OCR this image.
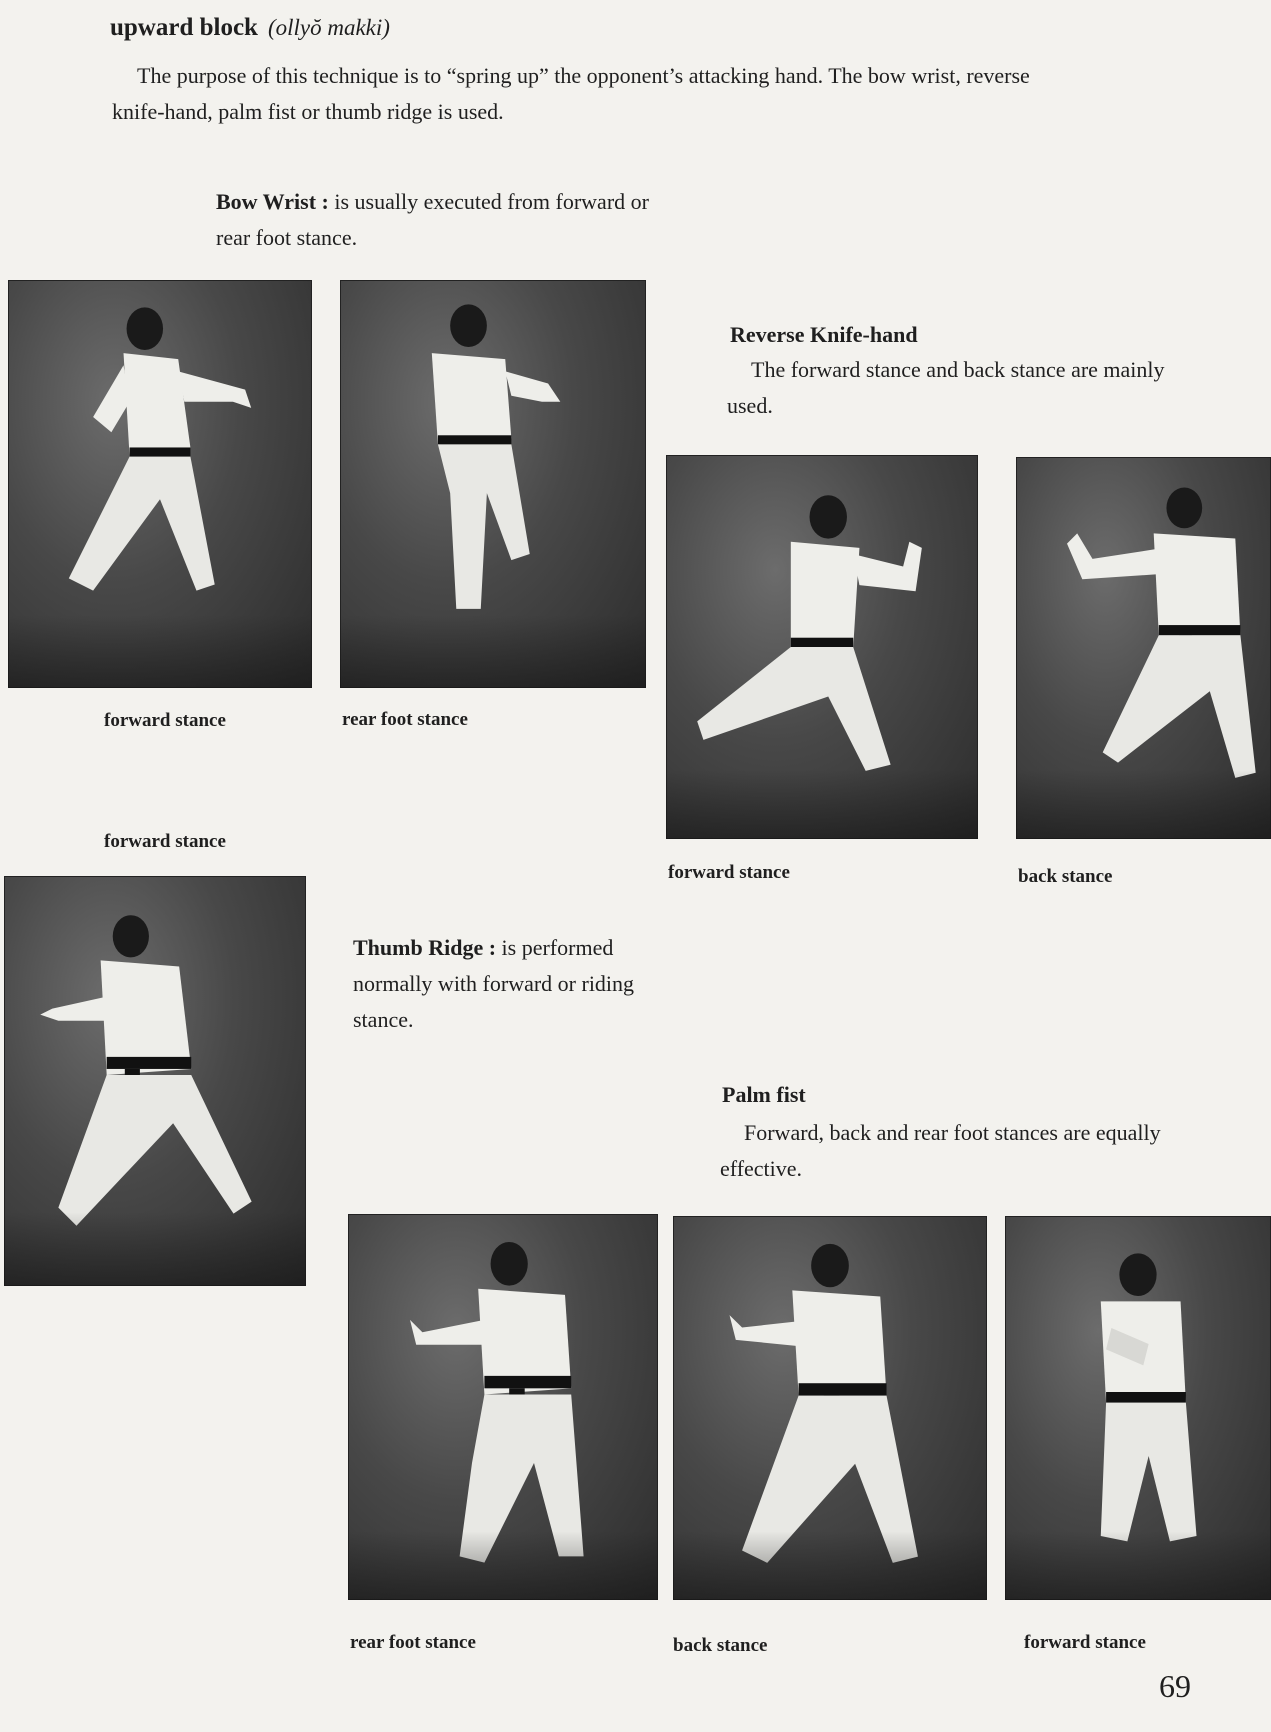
upward block (ollyŏ makki)
The purpose of this technique is to “spring up” the opponent’s attacking hand. The bow wrist, reverse knife-hand, palm fist or thumb ridge is used.
Bow Wrist : is usually executed from forward or rear foot stance.
forward stance	rear foot stance
Reverse Knife-hand
The forward stance and back stance are mainly used.
forward stance	back stance
forward stance
Thumb Ridge : is performed normally with forward or riding stance.
Palm fist
Forward, back and rear foot stances are equally effective.
rear foot stance	back stance	forward stance
69
